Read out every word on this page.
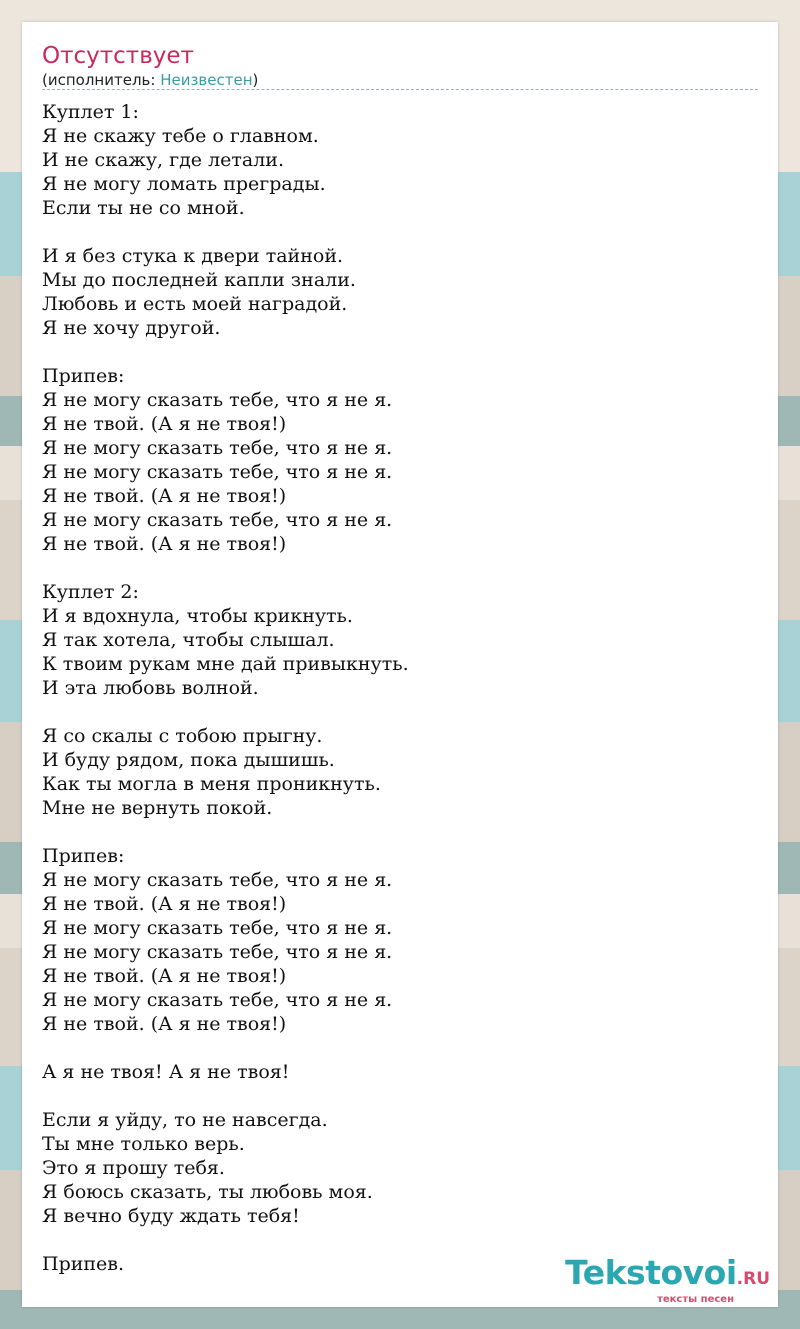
Отсутствует
(исполнитель: Неизвестен)
Куплет 1:
Я не скажу тебе о главном.
И не скажу, где летали.
Я не могу ломать преграды.
Если ты не со мной.

И я без стука к двери тайной.
Мы до последней капли знали.
Любовь и есть моей наградой.
Я не хочу другой.

Припев:
Я не могу сказать тебе, что я не я.
Я не твой. (А я не твоя!)
Я не могу сказать тебе, что я не я.
Я не могу сказать тебе, что я не я.
Я не твой. (А я не твоя!)
Я не могу сказать тебе, что я не я.
Я не твой. (А я не твоя!)

Куплет 2:
И я вдохнула, чтобы крикнуть.
Я так хотела, чтобы слышал.
К твоим рукам мне дай привыкнуть.
И эта любовь волной.

Я со скалы с тобою прыгну.
И буду рядом, пока дышишь.
Как ты могла в меня проникнуть.
Мне не вернуть покой.

Припев:
Я не могу сказать тебе, что я не я.
Я не твой. (А я не твоя!)
Я не могу сказать тебе, что я не я.
Я не могу сказать тебе, что я не я.
Я не твой. (А я не твоя!)
Я не могу сказать тебе, что я не я.
Я не твой. (А я не твоя!)

А я не твоя! А я не твоя!

Если я уйду, то не навсегда.
Ты мне только верь.
Это я прошу тебя.
Я боюсь сказать, ты любовь моя.
Я вечно буду ждать тебя!

Припев.	Tekstovoi.RU
тексты песен
